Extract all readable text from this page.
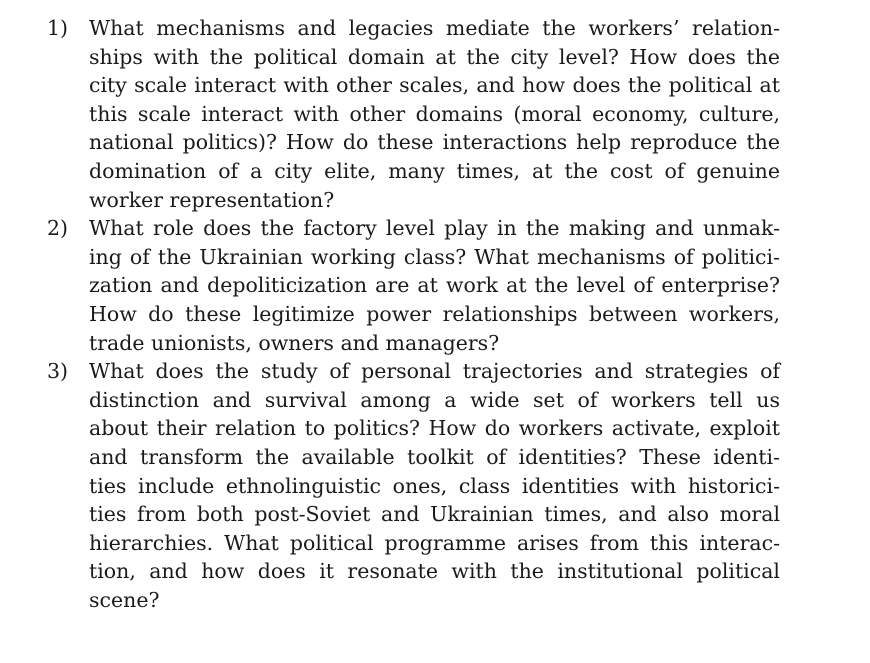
1) What mechanisms and legacies mediate the workers’ relation-
ships with the political domain at the city level? How does the
city scale interact with other scales, and how does the political at
this scale interact with other domains (moral economy, culture,
national politics)? How do these interactions help reproduce the
domination of a city elite, many times, at the cost of genuine
worker representation?
2) What role does the factory level play in the making and unmak-
ing of the Ukrainian working class? What mechanisms of politici-
zation and depoliticization are at work at the level of enterprise?
How do these legitimize power relationships between workers,
trade unionists, owners and managers?
3) What does the study of personal trajectories and strategies of
distinction and survival among a wide set of workers tell us
about their relation to politics? How do workers activate, exploit
and transform the available toolkit of identities? These identi-
ties include ethnolinguistic ones, class identities with historici-
ties from both post-Soviet and Ukrainian times, and also moral
hierarchies. What political programme arises from this interac-
tion, and how does it resonate with the institutional political
scene?
